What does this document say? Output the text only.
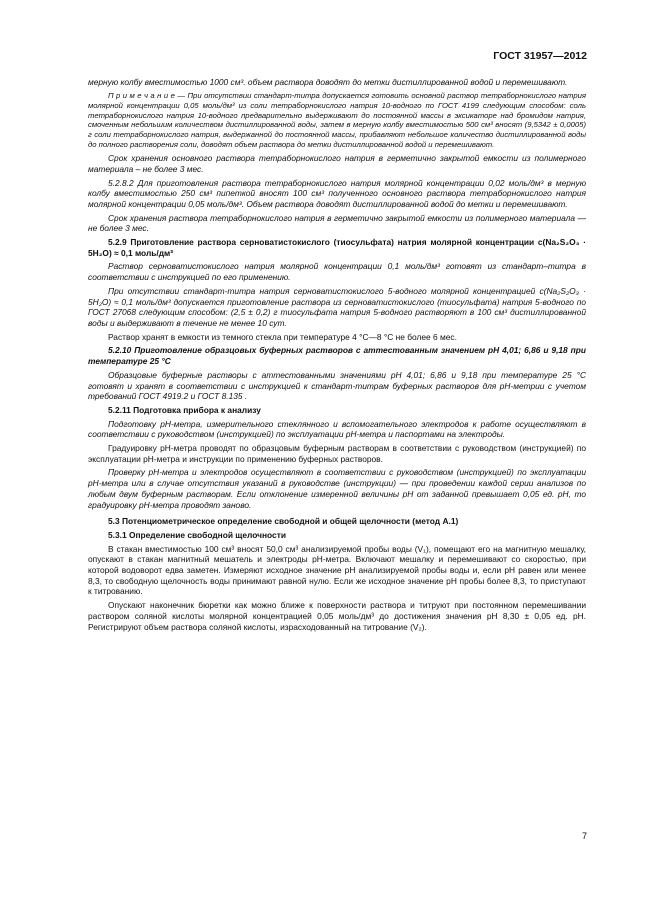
ГОСТ 31957—2012

мерную колбу вместимостью 1000 см³. объем раствора доводят до метки дистиллированной водой и перемешивают.

П р и м е ч а н и е — При отсутствии стандарт-титра допускается готовить основной раствор тетраборнокислого натрия молярной концентрации 0,05 моль/дм³ из соли тетраборнокислого натрия 10-водного по ГОСТ 4199 следующим способом: соль тетраборнокислого натрия 10-водного предварительно выдерживают до постоянной массы в эксикаторе над бромидом натрия, смоченным небольшим количеством дистиллированной воды, затем в мерную колбу вместимостью 500 см³ вносят (9,5342 ± 0,0005) г соли тетраборнокислого натрия, выдержанной до постоянной массы, прибавляют небольшое количество дистиллированной воды до полного растворения соли, доводят объем раствора до метки дистиллированной водой и перемешивают.

Срок хранения основного раствора тетраборнокислого натрия в герметично закрытой емкости из полимерного материала – не более 3 мес.

5.2.8.2 Для приготовления раствора тетраборнокислого натрия молярной концентрации 0,02 моль/дм³ в мерную колбу вместимостью 250 см³ пипеткой вносят 100 см³ полученного основного раствора тетраборнокислого натрия молярной концентрации 0,05 моль/дм³. Объем раствора доводят дистиллированной водой до метки и перемешивают.

Срок хранения раствора тетраборнокислого натрия в герметично закрытой емкости из полимерного материала — не более 3 мес.

5.2.9 Приготовление раствора серноватистокислого (тиосульфата) натрия молярной концентрации c(Na₂S₂O₃ · 5H₂O) ≈ 0,1 моль/дм³

Раствор серноватистокислого натрия молярной концентрации 0,1 моль/дм³ готовят из стандарт–титра в соответствии с инструкцией по его применению.

При отсутствии стандарт-титра натрия серноватистокислого 5-водного молярной концентрацией c(Na₂S₂O₃ · 5H₂O) ≈ 0,1 моль/дм³ допускается приготовление раствора из серноватистокислого (тиосульфата) натрия 5-водного по ГОСТ 27068 следующим способом: (2,5 ± 0,2) г тиосульфата натрия 5-водного растворяют в 100 см³ дистиллированной воды и выдерживают в течение не менее 10 сут.

Раствор хранят в емкости из темного стекла при температуре 4 °С—8 °С не более 6 мес.

5.2.10 Приготовление образцовых буферных растворов с аттестованным значением рН 4,01; 6,86 и 9,18 при температуре 25 °С

Образцовые буферные растворы с аттестованными значениями рН 4,01; 6,86 и 9,18 при температуре 25 °С готовят и хранят в соответствии с инструкцией к стандарт-титрам буферных растворов для рН-метрии с учетом требований ГОСТ 4919.2 и ГОСТ 8.135 .

5.2.11 Подготовка прибора к анализу

Подготовку рН-метра, измерительного стеклянного и вспомогательного электродов к работе осуществляют в соответствии с руководством (инструкцией) по эксплуатации рН-метра и паспортами на электроды.

Градуировку рН-метра проводят по образцовым буферным растворам в соответствии с руководством (инструкцией) по эксплуатации рН-метра и инструкции по применению буферных растворов.

Проверку рН-метра и электродов осуществляют в соответствии с руководством (инструкцией) по эксплуатации рН-метра или в случае отсутствия указаний в руководстве (инструкции) — при проведении каждой серии анализов по любым двум буферным растворам. Если отклонение измеренной величины рН от заданной превышает 0,05 ед. рН, то градуировку рН-метра проводят заново.

5.3 Потенциометрическое определение свободной и общей щелочности (метод А.1)

5.3.1 Определение свободной щелочности

В стакан вместимостью 100 см³ вносят 50,0 см³ анализируемой пробы воды (V₁), помещают его на магнитную мешалку, опускают в стакан магнитный мешатель и электроды рН-метра. Включают мешалку и перемешивают со скоростью, при которой водоворот едва заметен. Измеряют исходное значение рН анализируемой пробы воды и, если рН равен или менее 8,3, то свободную щелочность воды принимают равной нулю. Если же исходное значение рН пробы более 8,3, то приступают к титрованию.

Опускают наконечник бюретки как можно ближе к поверхности раствора и титруют при постоянном перемешивании раствором соляной кислоты молярной концентрацией 0,05 моль/дм³ до достижения значения рН 8,30 ± 0,05 ед. рН. Регистрируют объем раствора соляной кислоты, израсходованный на титрование (V₂).

7
